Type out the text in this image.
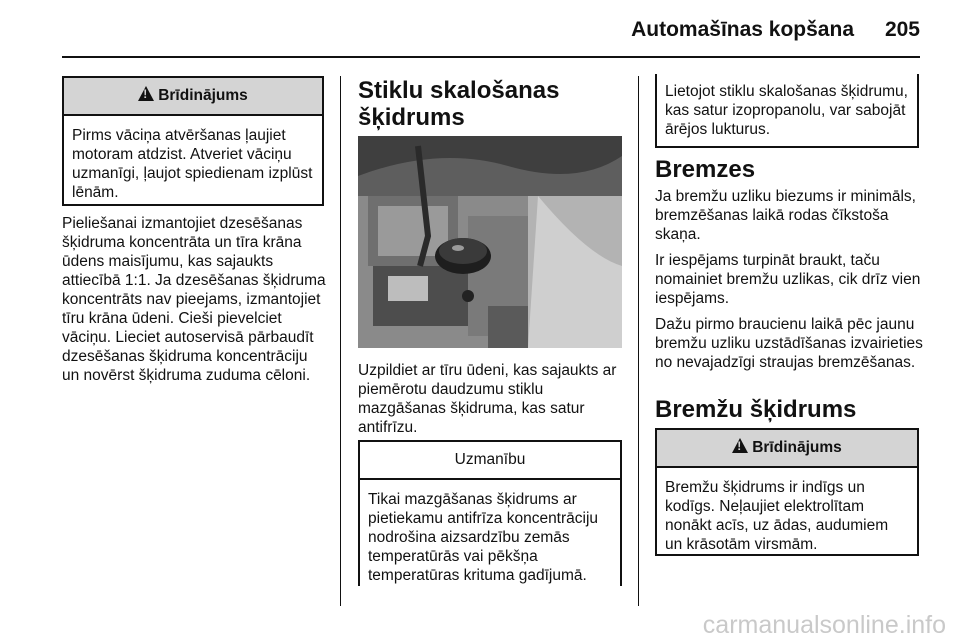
Automašīnas kopšana	205
!Brīdinājums
Pirms vāciņa atvēršanas ļaujiet motoram atdzist. Atveriet vāciņu uzmanīgi, ļaujot spiedienam izplūst lēnām.

Pieliešanai izmantojiet dzesēšanas šķidruma koncentrāta un tīra krāna ūdens maisījumu, kas sajaukts attiecībā 1:1. Ja dzesēšanas šķidruma koncentrāts nav pieejams, izmantojiet tīru krāna ūdeni. Cieši pievelciet vāciņu. Lieciet autoservisā pārbaudīt dzesēšanas šķidruma koncentrāciju un novērst šķidruma zuduma cēloni.

Stiklu skalošanas šķidrums

Uzpildiet ar tīru ūdeni, kas sajaukts ar piemērotu daudzumu stiklu mazgāšanas šķidruma, kas satur antifrīzu.

Uzmanību
Tikai mazgāšanas šķidrums ar pietiekamu antifrīza koncentrāciju nodrošina aizsardzību zemās temperatūrās vai pēkšņa temperatūras krituma gadījumā.
Lietojot stiklu skalošanas šķidrumu, kas satur izopropanolu, var sabojāt ārējos lukturus.
Bremzes

Ja bremžu uzliku biezums ir minimāls, bremzēšanas laikā rodas čīkstoša skaņa.

Ir iespējams turpināt braukt, taču nomainiet bremžu uzlikas, cik drīz vien iespējams.

Dažu pirmo braucienu laikā pēc jaunu bremžu uzliku uzstādīšanas izvairieties no nevajadzīgi straujas bremzēšanas.

Bremžu šķidrums
!Brīdinājums
Bremžu šķidrums ir indīgs un kodīgs. Neļaujiet elektrolītam nonākt acīs, uz ādas, audumiem un krāsotām virsmām.
carmanualsonline.info
